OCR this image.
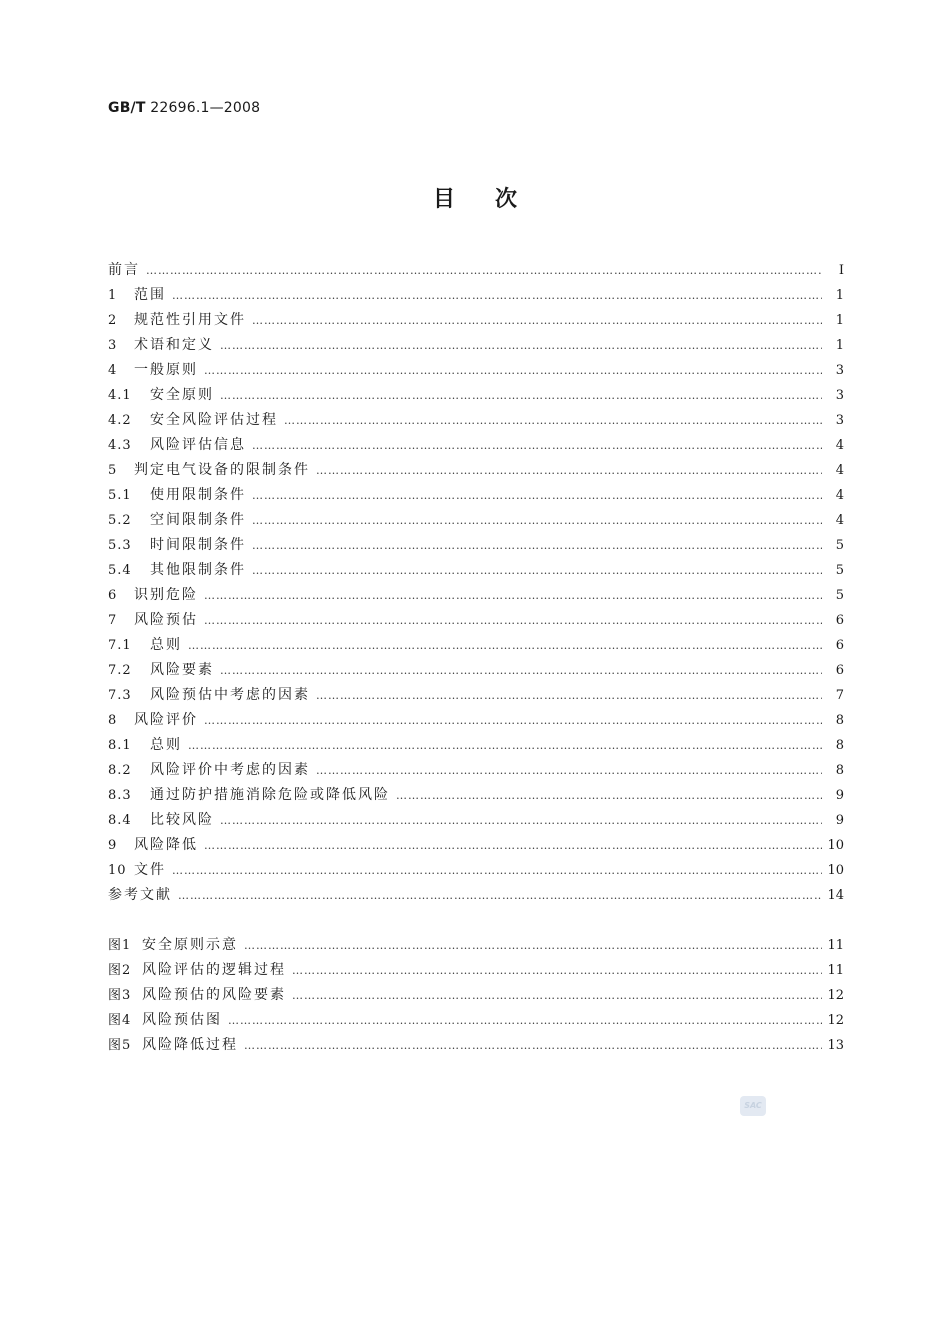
GB/T 22696.1—2008
目次
前言 ……………………………………………………………………………………………………………………………………………………………………………………………………………………………………………………	Ⅰ
1	范围 ……………………………………………………………………………………………………………………………………………………………………………………………………………………………………………………	1
2	规范性引用文件 ……………………………………………………………………………………………………………………………………………………………………………………………………………………………………………………	1
3	术语和定义 ……………………………………………………………………………………………………………………………………………………………………………………………………………………………………………………	1
4	一般原则 ……………………………………………………………………………………………………………………………………………………………………………………………………………………………………………………	3
4.1	安全原则 ……………………………………………………………………………………………………………………………………………………………………………………………………………………………………………………	3
4.2	安全风险评估过程 ……………………………………………………………………………………………………………………………………………………………………………………………………………………………………………………	3
4.3	风险评估信息 ……………………………………………………………………………………………………………………………………………………………………………………………………………………………………………………	4
5	判定电气设备的限制条件 ……………………………………………………………………………………………………………………………………………………………………………………………………………………………………………………	4
5.1	使用限制条件 ……………………………………………………………………………………………………………………………………………………………………………………………………………………………………………………	4
5.2	空间限制条件 ……………………………………………………………………………………………………………………………………………………………………………………………………………………………………………………	4
5.3	时间限制条件 ……………………………………………………………………………………………………………………………………………………………………………………………………………………………………………………	5
5.4	其他限制条件 ……………………………………………………………………………………………………………………………………………………………………………………………………………………………………………………	5
6	识别危险 ……………………………………………………………………………………………………………………………………………………………………………………………………………………………………………………	5
7	风险预估 ……………………………………………………………………………………………………………………………………………………………………………………………………………………………………………………	6
7.1	总则 ……………………………………………………………………………………………………………………………………………………………………………………………………………………………………………………	6
7.2	风险要素 ……………………………………………………………………………………………………………………………………………………………………………………………………………………………………………………	6
7.3	风险预估中考虑的因素 ……………………………………………………………………………………………………………………………………………………………………………………………………………………………………………………	7
8	风险评价 ……………………………………………………………………………………………………………………………………………………………………………………………………………………………………………………	8
8.1	总则 ……………………………………………………………………………………………………………………………………………………………………………………………………………………………………………………	8
8.2	风险评价中考虑的因素 ……………………………………………………………………………………………………………………………………………………………………………………………………………………………………………………	8
8.3	通过防护措施消除危险或降低风险 ……………………………………………………………………………………………………………………………………………………………………………………………………………………………………………………	9
8.4	比较风险 ……………………………………………………………………………………………………………………………………………………………………………………………………………………………………………………	9
9	风险降低 ……………………………………………………………………………………………………………………………………………………………………………………………………………………………………………………	10
10 文件 ……………………………………………………………………………………………………………………………………………………………………………………………………………………………………………………	10
参考文献 ……………………………………………………………………………………………………………………………………………………………………………………………………………………………………………………	14
图1 安全原则示意 ……………………………………………………………………………………………………………………………………………………………………………………………………………………………………………………	11
图2 风险评估的逻辑过程 ……………………………………………………………………………………………………………………………………………………………………………………………………………………………………………………	11
图3 风险预估的风险要素 ……………………………………………………………………………………………………………………………………………………………………………………………………………………………………………………	12
图4 风险预估图 ……………………………………………………………………………………………………………………………………………………………………………………………………………………………………………………	12
图5 风险降低过程 ……………………………………………………………………………………………………………………………………………………………………………………………………………………………………………………	13
SAC
